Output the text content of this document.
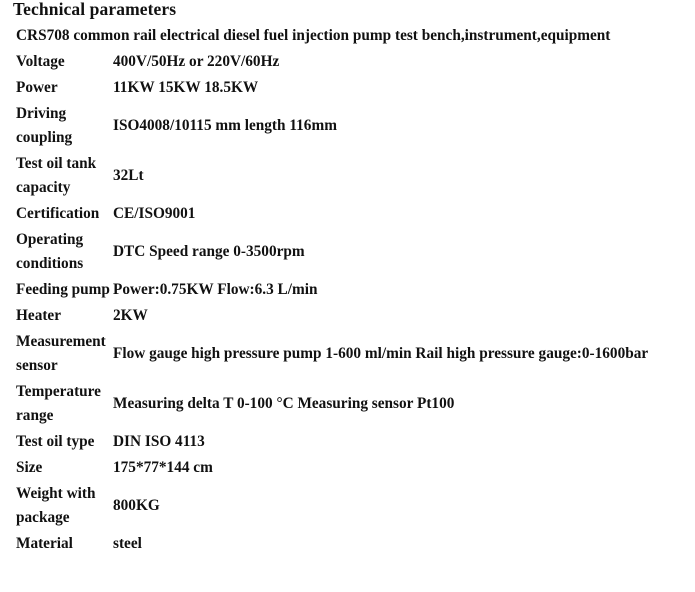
Technical parameters
CRS708 common rail electrical diesel fuel injection pump test bench,instrument,equipment	
Voltage	400V/50Hz or 220V/60Hz
Power	11KW 15KW 18.5KW
Driving coupling	ISO4008/10115 mm length 116mm
Test oil tank capacity	32Lt
Certification	CE/ISO9001
Operating conditions	DTC Speed range 0-3500rpm
Feeding pump	Power:0.75KW Flow:6.3 L/min
Heater	2KW
Measurement sensor	Flow gauge high pressure pump 1-600 ml/min Rail high pressure gauge:0-1600bar
Temperature range	Measuring delta T 0-100 °C Measuring sensor Pt100
Test oil type	DIN ISO 4113
Size	175*77*144 cm
Weight with package	800KG
Material	steel
